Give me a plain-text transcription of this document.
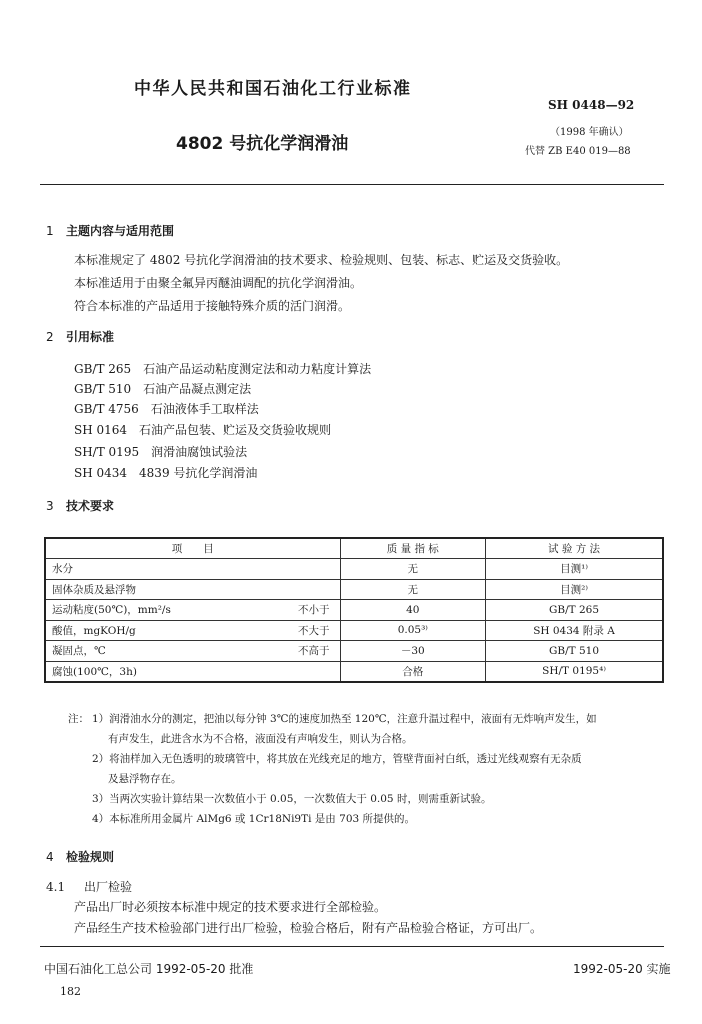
中华人民共和国石油化工行业标准
SH 0448—92
4802 号抗化学润滑油
（1998 年确认）
代替 ZB E40 019—88
1 主题内容与适用范围
本标准规定了 4802 号抗化学润滑油的技术要求、检验规则、包装、标志、贮运及交货验收。
本标准适用于由聚全氟异丙醚油调配的抗化学润滑油。
符合本标准的产品适用于接触特殊介质的活门润滑。
2 引用标准
GB/T 265　石油产品运动粘度测定法和动力粘度计算法
GB/T 510　石油产品凝点测定法
GB/T 4756　石油液体手工取样法
SH 0164　石油产品包装、贮运及交货验收规则
SH/T 0195　润滑油腐蚀试验法
SH 0434　4839 号抗化学润滑油
3 技术要求
项　　目	质 量 指 标	试 验 方 法

水分	无	目测¹⁾

固体杂质及悬浮物	无	目测²⁾

运动粘度(50℃)，mm²/s 不小于	40	GB/T 265

酸值，mgKOH/g 不大于	0.05³⁾	SH 0434 附录 A

凝固点，℃ 不高于	－30	GB/T 510

腐蚀(100℃，3h)	合格	SH/T 0195⁴⁾
注： 1）润滑油水分的测定，把油以每分钟 3℃的速度加热至 120℃，注意升温过程中，液面有无炸响声发生，如
有声发生，此进含水为不合格，液面没有声响发生，则认为合格。
2）将油样加入无色透明的玻璃管中，将其放在光线充足的地方，管壁背面衬白纸，透过光线观察有无杂质
及悬浮物存在。
3）当两次实验计算结果一次数值小于 0.05，一次数值大于 0.05 时，则需重新试验。
4）本标准所用金属片 AlMg6 或 1Cr18Ni9Ti 是由 703 所提供的。
4 检验规则
4.1 出厂检验
产品出厂时必须按本标准中规定的技术要求进行全部检验。
产品经生产技术检验部门进行出厂检验，检验合格后，附有产品检验合格证，方可出厂。
中国石油化工总公司 1992-05-20 批准	1992-05-20 实施
182
